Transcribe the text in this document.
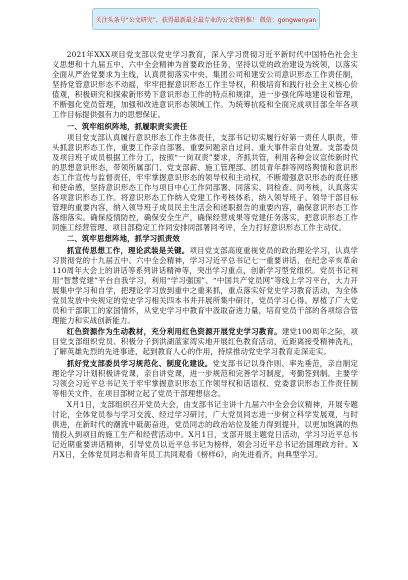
关注头条号“公文研究”，获得最新最全最专业的公文资料推！ 微信：gongwenyan

2021年XXX项目党支部以党史学习教育，深入学习贯彻习近平新时代中国特色社会主义思想和十九届五中、六中全会精神为首要政治任务，坚持以党的政治建设为统领，以落实全面从严治党要求为主线，认真贯彻落实中央、集团公司和建安公司意识形态工作责任制，坚持党管意识形态不动摇，牢牢把握意识形态工作主导权，积极培育和践行社会主义核心价值观，积极研究和探索新形势下意识形态工作的特点和规律，进一步强化阵地建设和管理，不断强化党员管理，加强和改进意识形态领域工作。为统筹抗疫和全面完成项目部全年各项工作目标提供强有力的思想保证。

一、筑牢组织阵地，抓履职责实责任

项目党支部认真履行意识形态工作主体责任，支部书记切实履行好第一责任人职责，带头抓意识形态工作，重要工作亲自部署、重要问题亲自过问、重大事件亲自处置。支部委员及项目班子成员根据工作分工，按照“一岗双责”要求，齐抓共管，利用各种会议宣传新时代的思想意识形态，带领所属部门、党支部薪、施工管理部、团员青年群等网络舆情和意识形态工作宣传与监督责任，牢牢掌握意识形态的领导权和主动权，不断增强意识形态的责任感和使命感，坚持意识形态工作与项目中心工作同部署、同落实、同检查、同考核，认真落实各项意识形态工作。将意识形态工作纳入党建工作考核体系，纳入领导班子、领导干部目标管理的重要内容，纳入领导班子成员民主生活会和述职报告的重要内容，确保意识形态工作落细落实。确保疫情防控，确保安全生产，确保经营成果等党建任务落实，把意识形态工作同施工经营管理、项目部稳定工作同安排同部署同考评，全力打好意识形态工作主动仗。

二、筑牢思想阵地，抓学习抓责效

抓宣传思想工作，理论武装是关键。项目党支部高度重视党员的政治理论学习，认真学习贯彻党的十九届五中、六中全会精神，学习习近平总书记七一重要讲话、在纪念辛亥革命110周年大会上的讲话等系列讲话精神等，突出学习重点，创新学习型党组织。党员书记利用“智慧党建”平台自我学习，利用“学习强国”、“中国共产党员网”等线上学习平台，大力开展集中学习和自学，把理论学习放到重中之重来抓，重点落实好党史学习教育活动，为全体党员发放中央规定的党史学习相关四本书并开展所集中研讨，党员学习心得。厚植了广大党员和干部职工的家国情怀，从党史学习中教育中汲取奋进力量，培育党员干部的各项综合管理能力和实战创新能力。

红色资源作为生动教材，充分利用红色资源开展党史学习教育。建党100周年之际，项目党支部组织党员、积极分子到洪湖蓝家湾实地开展红色教育活动，近距离接受精神洗礼，了解英雄先烈的先进事迹，起到教育人心的作用，持续推动党史学习教育走深走实。

抓好党支部委员学习规范化、制度化建设。党支部书记以身作则、率先垂范，亲自制定理论学习计划积极讲党课，亲自讲党课，进一步规范和完善学习制度，考勤签到制。主要学习领会习近平总书记关于牢牢掌握意识形态工作领导权和话语权、党委意识形态工作责任制等相关文件，在项目部树立起了党员干部理想信念。

X月1日，支部组织召开党员大会，由支部书记主讲十九届六中全会会议精神，开展专题讨论，全体党员参与学习交流、经过学习研讨，广大党员同志进一步树立科学发展观，与时俱进，在新时代的潮流中砥砺奋进，党员同志的政治站位及能力得到提升，以更加饱满的热情投入到项目的施工生产和经营活动中。X月1日，支部开展主题党日活动，学习习近平总书记近期重要讲话精神，引导党员以近平总书记为榜样，领会习近平总书记治国理政方针。X月X日，全体党员同志和青年员工共同观看《榜样6》，向先进看齐，向典型学习。
